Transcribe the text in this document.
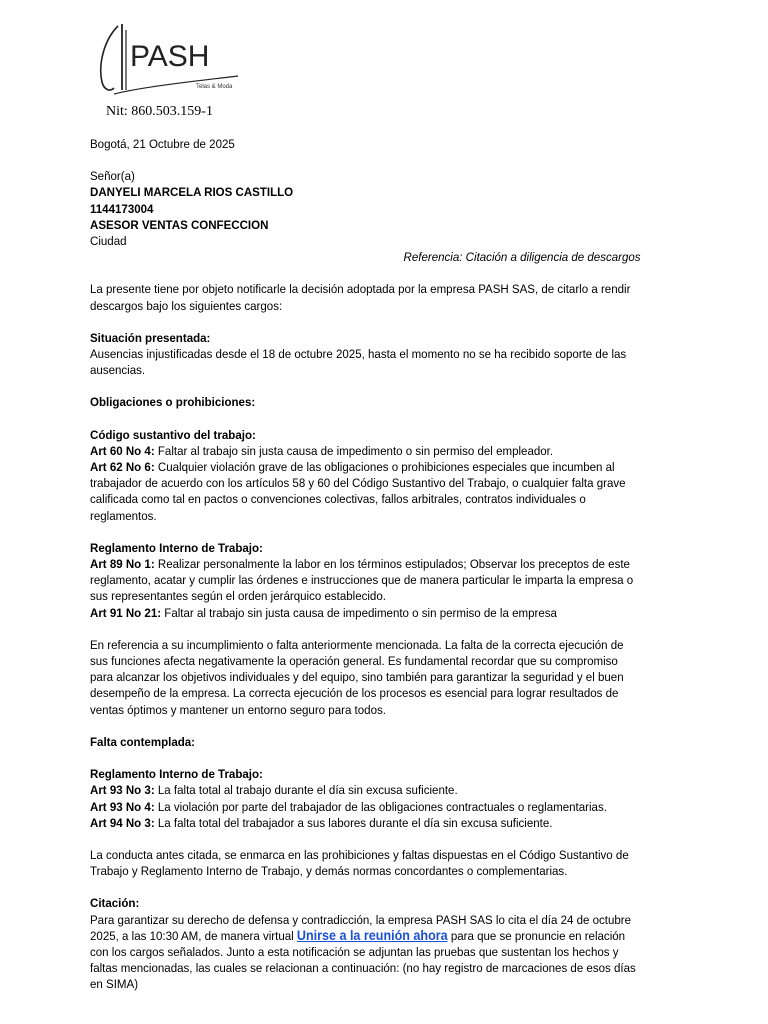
PASH
Telas & Moda
Nit: 860.503.159-1

Bogotá, 21 Octubre de 2025

Señor(a)

DANYELI MARCELA RIOS CASTILLO

1144173004

ASESOR VENTAS CONFECCION

Ciudad

Referencia: Citación a diligencia de descargos

La presente tiene por objeto notificarle la decisión adoptada por la empresa PASH SAS, de citarlo a rendir descargos bajo los siguientes cargos:

Situación presentada:

Ausencias injustificadas desde el 18 de octubre 2025, hasta el momento no se ha recibido soporte de las ausencias.

Obligaciones o prohibiciones:

Código sustantivo del trabajo:

Art 60 No 4: Faltar al trabajo sin justa causa de impedimento o sin permiso del empleador.

Art 62 No 6: Cualquier violación grave de las obligaciones o prohibiciones especiales que incumben al trabajador de acuerdo con los artículos 58 y 60 del Código Sustantivo del Trabajo, o cualquier falta grave calificada como tal en pactos o convenciones colectivas, fallos arbitrales, contratos individuales o reglamentos.

Reglamento Interno de Trabajo:

Art 89 No 1: Realizar personalmente la labor en los términos estipulados; Observar los preceptos de este reglamento, acatar y cumplir las órdenes e instrucciones que de manera particular le imparta la empresa o sus representantes según el orden jerárquico establecido.

Art 91 No 21: Faltar al trabajo sin justa causa de impedimento o sin permiso de la empresa

En referencia a su incumplimiento o falta anteriormente mencionada. La falta de la correcta ejecución de sus funciones afecta negativamente la operación general. Es fundamental recordar que su compromiso para alcanzar los objetivos individuales y del equipo, sino también para garantizar la seguridad y el buen desempeño de la empresa. La correcta ejecución de los procesos es esencial para lograr resultados de ventas óptimos y mantener un entorno seguro para todos.

Falta contemplada:

Reglamento Interno de Trabajo:

Art 93 No 3: La falta total al trabajo durante el día sin excusa suficiente.

Art 93 No 4: La violación por parte del trabajador de las obligaciones contractuales o reglamentarias.

Art 94 No 3: La falta total del trabajador a sus labores durante el día sin excusa suficiente.

La conducta antes citada, se enmarca en las prohibiciones y faltas dispuestas en el Código Sustantivo de Trabajo y Reglamento Interno de Trabajo, y demás normas concordantes o complementarias.

Citación:

Para garantizar su derecho de defensa y contradicción, la empresa PASH SAS lo cita el día 24 de octubre 2025, a las 10:30 AM, de manera virtual Unirse a la reunión ahora para que se pronuncie en relación con los cargos señalados. Junto a esta notificación se adjuntan las pruebas que sustentan los hechos y faltas mencionadas, las cuales se relacionan a continuación: (no hay registro de marcaciones de esos días en SIMA)
